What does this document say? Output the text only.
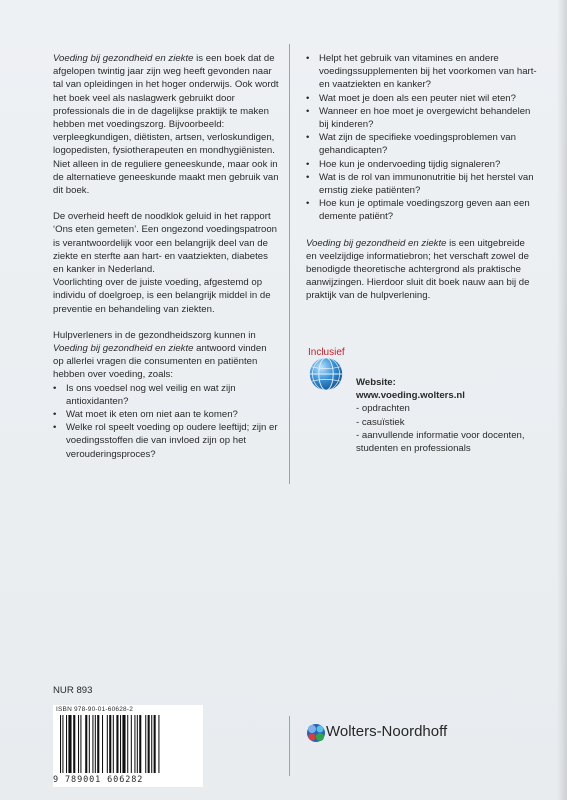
Voeding bij gezondheid en ziekte is een boek dat de afgelopen twintig jaar zijn weg heeft gevonden naar tal van opleidingen in het hoger onderwijs. Ook wordt het boek veel als naslagwerk gebruikt door professionals die in de dagelijkse praktijk te maken hebben met voedingszorg. Bijvoorbeeld: verpleegkundigen, diëtisten, artsen, verloskundigen, logopedisten, fysiotherapeuten en mondhygiënisten. Niet alleen in de reguliere geneeskunde, maar ook in de alternatieve geneeskunde maakt men gebruik van dit boek.

De overheid heeft de noodklok geluid in het rapport ‘Ons eten gemeten’. Een ongezond voedingspatroon is verantwoordelijk voor een belangrijk deel van de ziekte en sterfte aan hart- en vaatziekten, diabetes en kanker in Nederland.

Voorlichting over de juiste voeding, afgestemd op individu of doelgroep, is een belangrijk middel in de preventie en behandeling van ziekten.

Hulpverleners in de gezondheidszorg kunnen in Voeding bij gezondheid en ziekte antwoord vinden op allerlei vragen die consumenten en patiënten hebben over voeding, zoals:

• Is ons voedsel nog wel veilig en wat zijn antioxidanten?
• Wat moet ik eten om niet aan te komen?
• Welke rol speelt voeding op oudere leeftijd; zijn er voedingsstoffen die van invloed zijn op het verouderingsproces?
• Helpt het gebruik van vitamines en andere voedingssupplementen bij het voorkomen van hart- en vaatziekten en kanker?
• Wat moet je doen als een peuter niet wil eten?
• Wanneer en hoe moet je overgewicht behandelen bij kinderen?
• Wat zijn de specifieke voedingsproblemen van gehandicapten?
• Hoe kun je ondervoeding tijdig signaleren?
• Wat is de rol van immunonutritie bij het herstel van ernstig zieke patiënten?
• Hoe kun je optimale voedingszorg geven aan een demente patiënt?

Voeding bij gezondheid en ziekte is een uitgebreide en veelzijdige informatiebron; het verschaft zowel de benodigde theoretische achtergrond als praktische aanwijzingen. Hierdoor sluit dit boek nauw aan bij de praktijk van de hulpverlening.

Inclusief
Website:
www.voeding.wolters.nl
- opdrachten
- casuïstiek
- aanvullende informatie voor docenten, studenten en professionals
NUR 893
ISBN 978-90-01-60628-2
9 789001 606282
Wolters-Noordhoff
